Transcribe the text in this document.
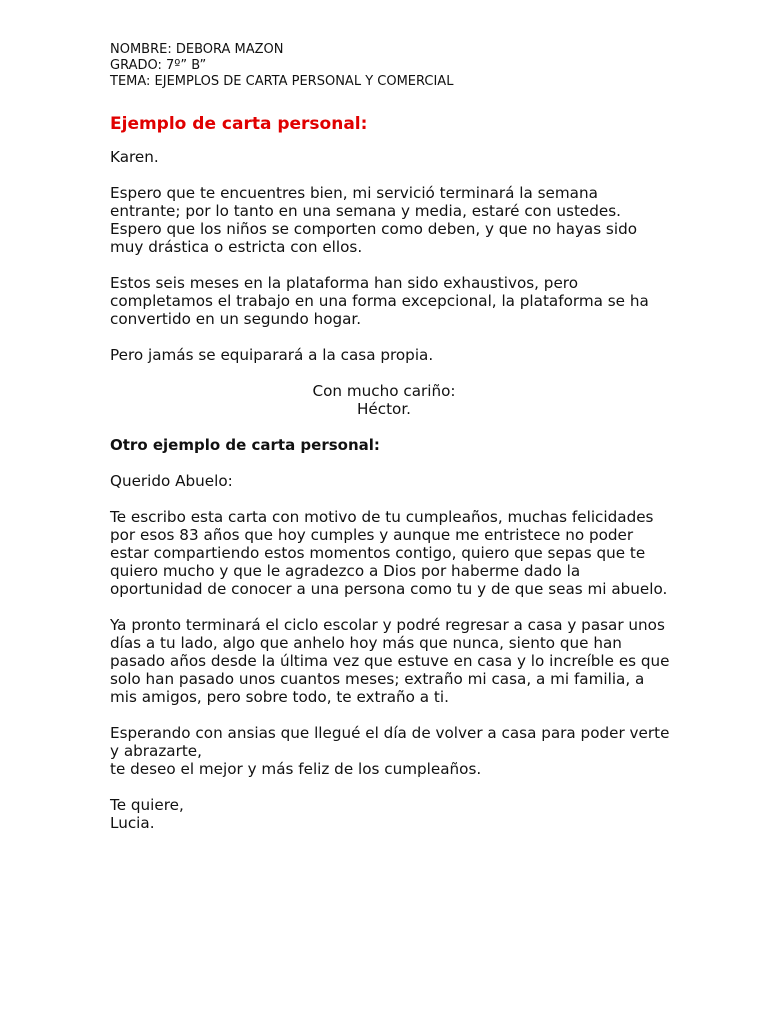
NOMBRE: DEBORA MAZON

GRADO: 7º” B”

TEMA: EJEMPLOS DE CARTA PERSONAL Y COMERCIAL

Ejemplo de carta personal:

Karen.

Espero que te encuentres bien, mi servició terminará la semana entrante; por lo tanto en una semana y media, estaré con ustedes. Espero que los niños se comporten como deben, y que no hayas sido muy drástica o estricta con ellos.

Estos seis meses en la plataforma han sido exhaustivos, pero completamos el trabajo en una forma excepcional, la plataforma se ha convertido en un segundo hogar.

Pero jamás se equiparará a la casa propia.

Con mucho cariño:

Héctor.

Otro ejemplo de carta personal:

Querido Abuelo:

Te escribo esta carta con motivo de tu cumpleaños, muchas felicidades por esos 83 años que hoy cumples y aunque me entristece no poder estar compartiendo estos momentos contigo, quiero que sepas que te quiero mucho y que le agradezco a Dios por haberme dado la oportunidad de conocer a una persona como tu y de que seas mi abuelo.

Ya pronto terminará el ciclo escolar y podré regresar a casa y pasar unos días a tu lado, algo que anhelo hoy más que nunca, siento que han pasado años desde la última vez que estuve en casa y lo increíble es que solo han pasado unos cuantos meses; extraño mi casa, a mi familia, a mis amigos, pero sobre todo, te extraño a ti.

Esperando con ansias que llegué el día de volver a casa para poder verte y abrazarte,

te deseo el mejor y más feliz de los cumpleaños.

Te quiere,

Lucia.
